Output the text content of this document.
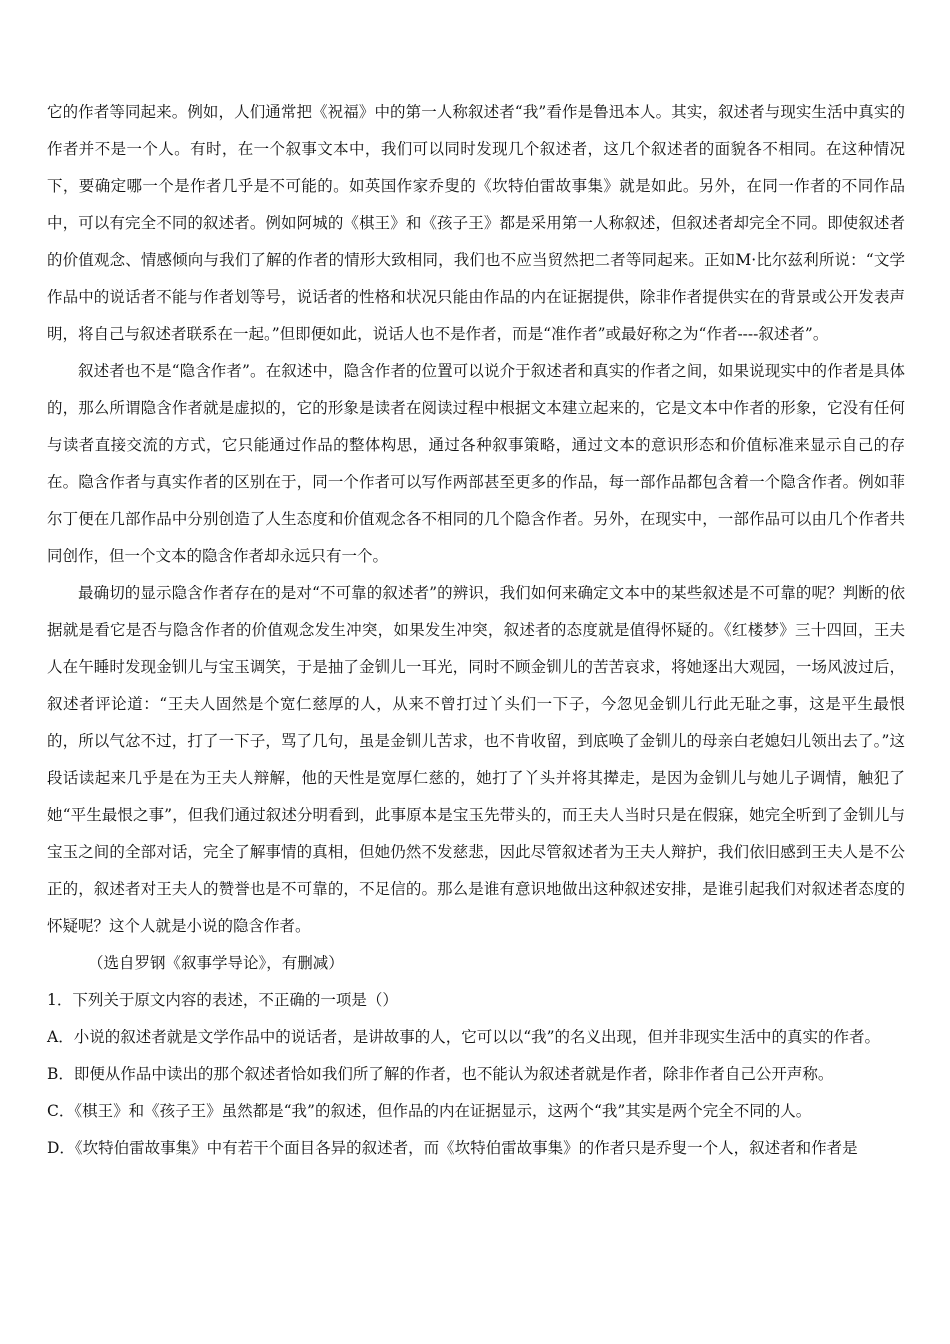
它的作者等同起来。例如，人们通常把《祝福》中的第一人称叙述者“我”看作是鲁迅本人。其实，叙述者与现实生活中真实的作者并不是一个人。有时，在一个叙事文本中，我们可以同时发现几个叙述者，这几个叙述者的面貌各不相同。在这种情况下，要确定哪一个是作者几乎是不可能的。如英国作家乔叟的《坎特伯雷故事集》就是如此。另外，在同一作者的不同作品中，可以有完全不同的叙述者。例如阿城的《棋王》和《孩子王》都是采用第一人称叙述，但叙述者却完全不同。即使叙述者的价值观念、情感倾向与我们了解的作者的情形大致相同，我们也不应当贸然把二者等同起来。正如M·比尔兹利所说：“文学作品中的说话者不能与作者划等号，说话者的性格和状况只能由作品的内在证据提供，除非作者提供实在的背景或公开发表声明，将自己与叙述者联系在一起。”但即便如此，说话人也不是作者，而是“准作者”或最好称之为“作者----叙述者”。

叙述者也不是“隐含作者”。在叙述中，隐含作者的位置可以说介于叙述者和真实的作者之间，如果说现实中的作者是具体的，那么所谓隐含作者就是虚拟的，它的形象是读者在阅读过程中根据文本建立起来的，它是文本中作者的形象，它没有任何与读者直接交流的方式，它只能通过作品的整体构思，通过各种叙事策略，通过文本的意识形态和价值标准来显示自己的存在。隐含作者与真实作者的区别在于，同一个作者可以写作两部甚至更多的作品，每一部作品都包含着一个隐含作者。例如菲尔丁便在几部作品中分别创造了人生态度和价值观念各不相同的几个隐含作者。另外，在现实中，一部作品可以由几个作者共同创作，但一个文本的隐含作者却永远只有一个。

最确切的显示隐含作者存在的是对“不可靠的叙述者”的辨识，我们如何来确定文本中的某些叙述是不可靠的呢？判断的依据就是看它是否与隐含作者的价值观念发生冲突，如果发生冲突，叙述者的态度就是值得怀疑的。《红楼梦》三十四回，王夫人在午睡时发现金钏儿与宝玉调笑，于是抽了金钏儿一耳光，同时不顾金钏儿的苦苦哀求，将她逐出大观园，一场风波过后，叙述者评论道：“王夫人固然是个宽仁慈厚的人，从来不曾打过丫头们一下子，今忽见金钏儿行此无耻之事，这是平生最恨的，所以气忿不过，打了一下子，骂了几句，虽是金钏儿苦求，也不肯收留，到底唤了金钏儿的母亲白老媳妇儿领出去了。”这段话读起来几乎是在为王夫人辩解，他的天性是宽厚仁慈的，她打了丫头并将其撵走，是因为金钏儿与她儿子调情，触犯了她“平生最恨之事”，但我们通过叙述分明看到，此事原本是宝玉先带头的，而王夫人当时只是在假寐，她完全听到了金钏儿与宝玉之间的全部对话，完全了解事情的真相，但她仍然不发慈悲，因此尽管叙述者为王夫人辩护，我们依旧感到王夫人是不公正的，叙述者对王夫人的赞誉也是不可靠的，不足信的。那么是谁有意识地做出这种叙述安排，是谁引起我们对叙述者态度的怀疑呢？这个人就是小说的隐含作者。

（选自罗钢《叙事学导论》，有删减）

1．下列关于原文内容的表述，不正确的一项是（）

A．小说的叙述者就是文学作品中的说话者，是讲故事的人，它可以以“我”的名义出现，但并非现实生活中的真实的作者。

B．即便从作品中读出的那个叙述者恰如我们所了解的作者，也不能认为叙述者就是作者，除非作者自己公开声称。

C．《棋王》和《孩子王》虽然都是“我”的叙述，但作品的内在证据显示，这两个“我”其实是两个完全不同的人。

D．《坎特伯雷故事集》中有若干个面目各异的叙述者，而《坎特伯雷故事集》的作者只是乔叟一个人，叙述者和作者是
